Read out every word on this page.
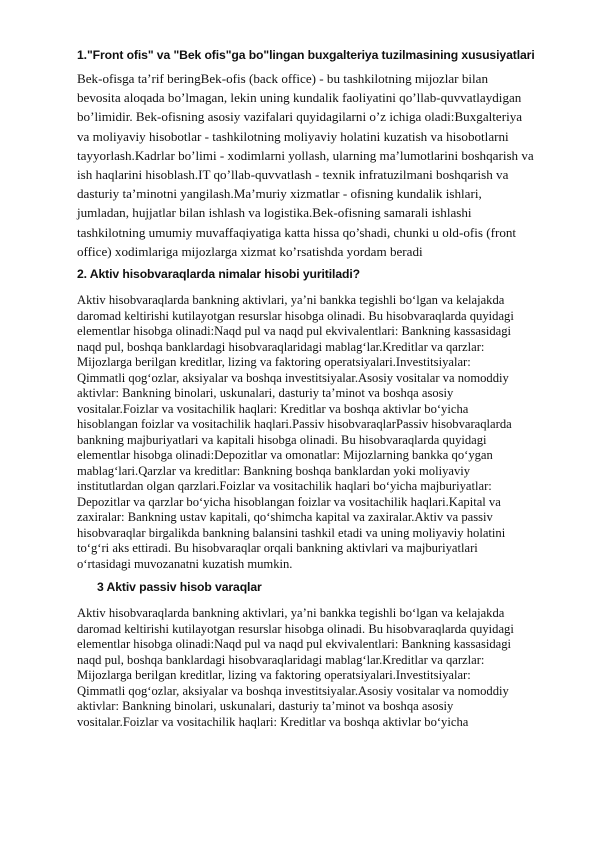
1."Front ofis" va "Bek ofis"ga bo"lingan buxgalteriya tuzilmasining xususiyatlari

Bek-ofisga ta’rif beringBek-ofis (back office) - bu tashkilotning mijozlar bilan
bevosita aloqada bo’lmagan, lekin uning kundalik faoliyatini qo’llab-quvvatlaydigan
bo’limidir. Bek-ofisning asosiy vazifalari quyidagilarni o’z ichiga oladi:Buxgalteriya
va moliyaviy hisobotlar - tashkilotning moliyaviy holatini kuzatish va hisobotlarni
tayyorlash.Kadrlar bo’limi - xodimlarni yollash, ularning ma’lumotlarini boshqarish va
ish haqlarini hisoblash.IT qo’llab-quvvatlash - texnik infratuzilmani boshqarish va
dasturiy ta’minotni yangilash.Ma’muriy xizmatlar - ofisning kundalik ishlari,
jumladan, hujjatlar bilan ishlash va logistika.Bek-ofisning samarali ishlashi
tashkilotning umumiy muvaffaqiyatiga katta hissa qo’shadi, chunki u old-ofis (front
office) xodimlariga mijozlarga xizmat ko’rsatishda yordam beradi

2. Aktiv hisobvaraqlarda nimalar hisobi yuritiladi?

Aktiv hisobvaraqlarda bankning aktivlari, ya’ni bankka tegishli bo‘lgan va kelajakda
daromad keltirishi kutilayotgan resurslar hisobga olinadi. Bu hisobvaraqlarda quyidagi
elementlar hisobga olinadi:Naqd pul va naqd pul ekvivalentlari: Bankning kassasidagi
naqd pul, boshqa banklardagi hisobvaraqlaridagi mablag‘lar.Kreditlar va qarzlar:
Mijozlarga berilgan kreditlar, lizing va faktoring operatsiyalari.Investitsiyalar:
Qimmatli qog‘ozlar, aksiyalar va boshqa investitsiyalar.Asosiy vositalar va nomoddiy
aktivlar: Bankning binolari, uskunalari, dasturiy ta’minot va boshqa asosiy
vositalar.Foizlar va vositachilik haqlari: Kreditlar va boshqa aktivlar bo‘yicha
hisoblangan foizlar va vositachilik haqlari.Passiv hisobvaraqlarPassiv hisobvaraqlarda
bankning majburiyatlari va kapitali hisobga olinadi. Bu hisobvaraqlarda quyidagi
elementlar hisobga olinadi:Depozitlar va omonatlar: Mijozlarning bankka qo‘ygan
mablag‘lari.Qarzlar va kreditlar: Bankning boshqa banklardan yoki moliyaviy
institutlardan olgan qarzlari.Foizlar va vositachilik haqlari bo‘yicha majburiyatlar:
Depozitlar va qarzlar bo‘yicha hisoblangan foizlar va vositachilik haqlari.Kapital va
zaxiralar: Bankning ustav kapitali, qo‘shimcha kapital va zaxiralar.Aktiv va passiv
hisobvaraqlar birgalikda bankning balansini tashkil etadi va uning moliyaviy holatini
to‘g‘ri aks ettiradi. Bu hisobvaraqlar orqali bankning aktivlari va majburiyatlari
o‘rtasidagi muvozanatni kuzatish mumkin.

3 Aktiv passiv hisob varaqlar

Aktiv hisobvaraqlarda bankning aktivlari, ya’ni bankka tegishli bo‘lgan va kelajakda
daromad keltirishi kutilayotgan resurslar hisobga olinadi. Bu hisobvaraqlarda quyidagi
elementlar hisobga olinadi:Naqd pul va naqd pul ekvivalentlari: Bankning kassasidagi
naqd pul, boshqa banklardagi hisobvaraqlaridagi mablag‘lar.Kreditlar va qarzlar:
Mijozlarga berilgan kreditlar, lizing va faktoring operatsiyalari.Investitsiyalar:
Qimmatli qog‘ozlar, aksiyalar va boshqa investitsiyalar.Asosiy vositalar va nomoddiy
aktivlar: Bankning binolari, uskunalari, dasturiy ta’minot va boshqa asosiy
vositalar.Foizlar va vositachilik haqlari: Kreditlar va boshqa aktivlar bo‘yicha
